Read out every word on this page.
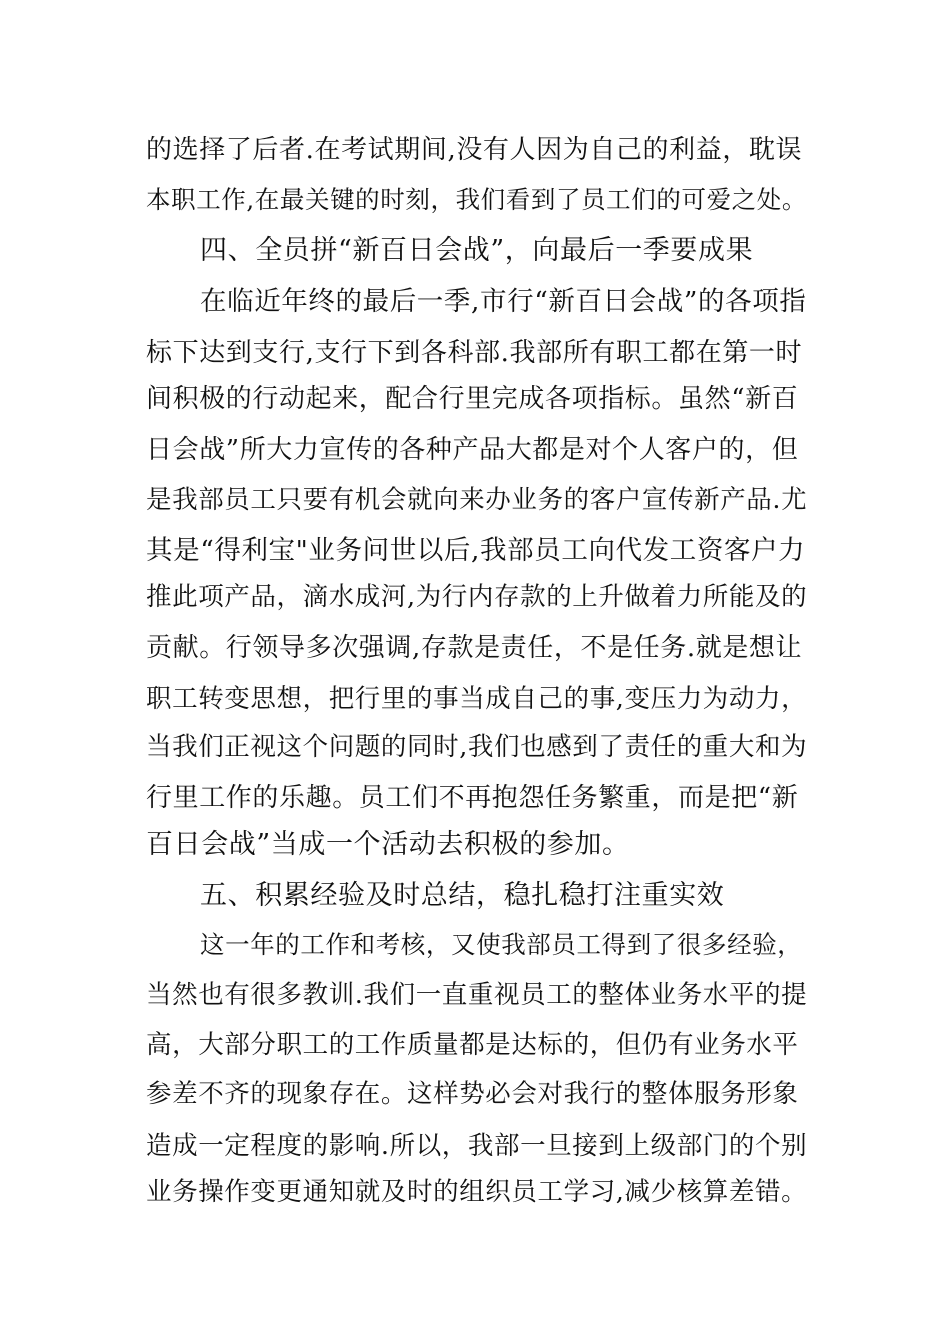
的选择了后者.在考试期间,没有人因为自己的利益，耽误
本职工作,在最关键的时刻，我们看到了员工们的可爱之处。
四、全员拼“新百日会战”，向最后一季要成果
在临近年终的最后一季,市行“新百日会战”的各项指
标下达到支行,支行下到各科部.我部所有职工都在第一时
间积极的行动起来，配合行里完成各项指标。虽然“新百
日会战”所大力宣传的各种产品大都是对个人客户的，但
是我部员工只要有机会就向来办业务的客户宣传新产品.尤
其是“得利宝"业务问世以后,我部员工向代发工资客户力
推此项产品，滴水成河,为行内存款的上升做着力所能及的
贡献。行领导多次强调,存款是责任，不是任务.就是想让
职工转变思想，把行里的事当成自己的事,变压力为动力，
当我们正视这个问题的同时,我们也感到了责任的重大和为
行里工作的乐趣。员工们不再抱怨任务繁重，而是把“新
百日会战”当成一个活动去积极的参加。
五、积累经验及时总结，稳扎稳打注重实效
这一年的工作和考核，又使我部员工得到了很多经验，
当然也有很多教训.我们一直重视员工的整体业务水平的提
高，大部分职工的工作质量都是达标的，但仍有业务水平
参差不齐的现象存在。这样势必会对我行的整体服务形象
造成一定程度的影响.所以，我部一旦接到上级部门的个别
业务操作变更通知就及时的组织员工学习,减少核算差错。
